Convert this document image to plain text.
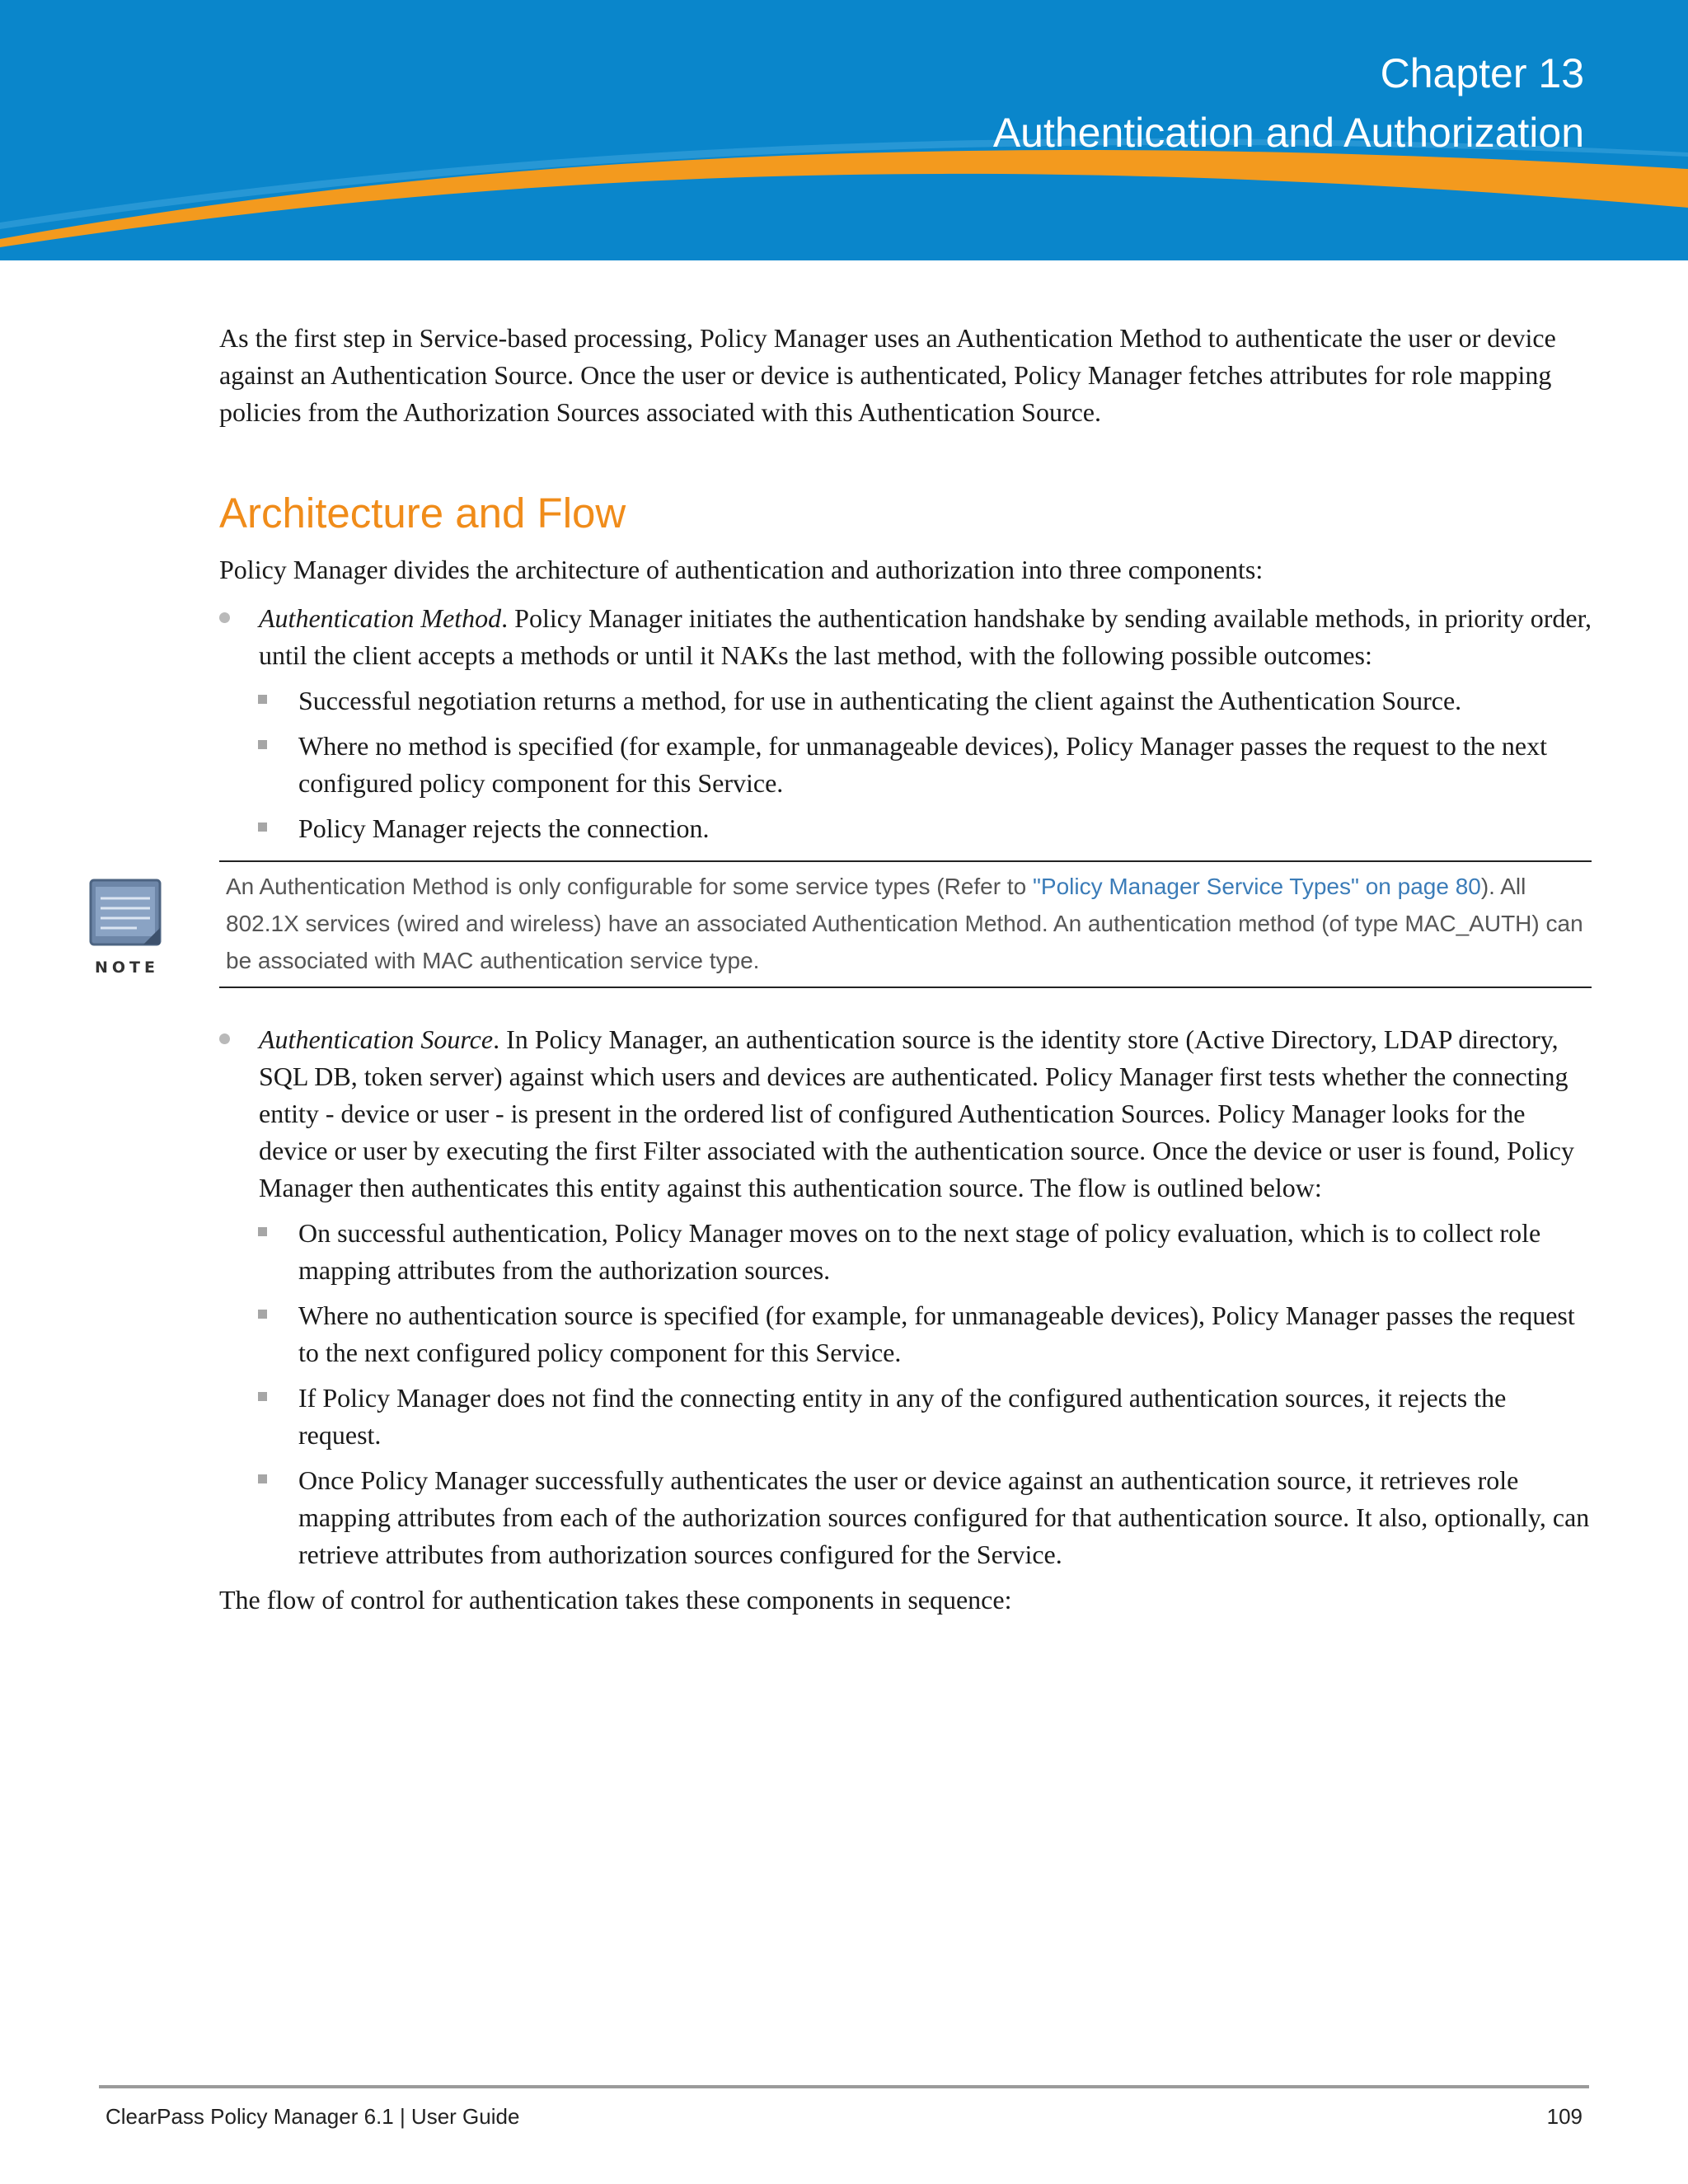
Chapter 13
Authentication and Authorization

As the first step in Service-based processing, Policy Manager uses an Authentication Method to authenticate the user or device against an Authentication Source. Once the user or device is authenticated, Policy Manager fetches attributes for role mapping policies from the Authorization Sources associated with this Authentication Source.

Architecture and Flow

Policy Manager divides the architecture of authentication and authorization into three components:

Authentication Method. Policy Manager initiates the authentication handshake by sending available methods, in priority order, until the client accepts a methods or until it NAKs the last method, with the following possible outcomes:
Successful negotiation returns a method, for use in authenticating the client against the Authentication Source.
Where no method is specified (for example, for unmanageable devices), Policy Manager passes the request to the next configured policy component for this Service.
Policy Manager rejects the connection.
NOTE
An Authentication Method is only configurable for some service types (Refer to "Policy Manager Service Types" on page 80). All 802.1X services (wired and wireless) have an associated Authentication Method. An authentication method (of type MAC_AUTH) can be associated with MAC authentication service type.
Authentication Source. In Policy Manager, an authentication source is the identity store (Active Directory, LDAP directory, SQL DB, token server) against which users and devices are authenticated. Policy Manager first tests whether the connecting entity - device or user - is present in the ordered list of configured Authentication Sources. Policy Manager looks for the device or user by executing the first Filter associated with the authentication source. Once the device or user is found, Policy Manager then authenticates this entity against this authentication source. The flow is outlined below:
On successful authentication, Policy Manager moves on to the next stage of policy evaluation, which is to collect role mapping attributes from the authorization sources.
Where no authentication source is specified (for example, for unmanageable devices), Policy Manager passes the request to the next configured policy component for this Service.
If Policy Manager does not find the connecting entity in any of the configured authentication sources, it rejects the request.
Once Policy Manager successfully authenticates the user or device against an authentication source, it retrieves role mapping attributes from each of the authorization sources configured for that authentication source. It also, optionally, can retrieve attributes from authorization sources configured for the Service.

The flow of control for authentication takes these components in sequence:

ClearPass Policy Manager 6.1 | User Guide	109
